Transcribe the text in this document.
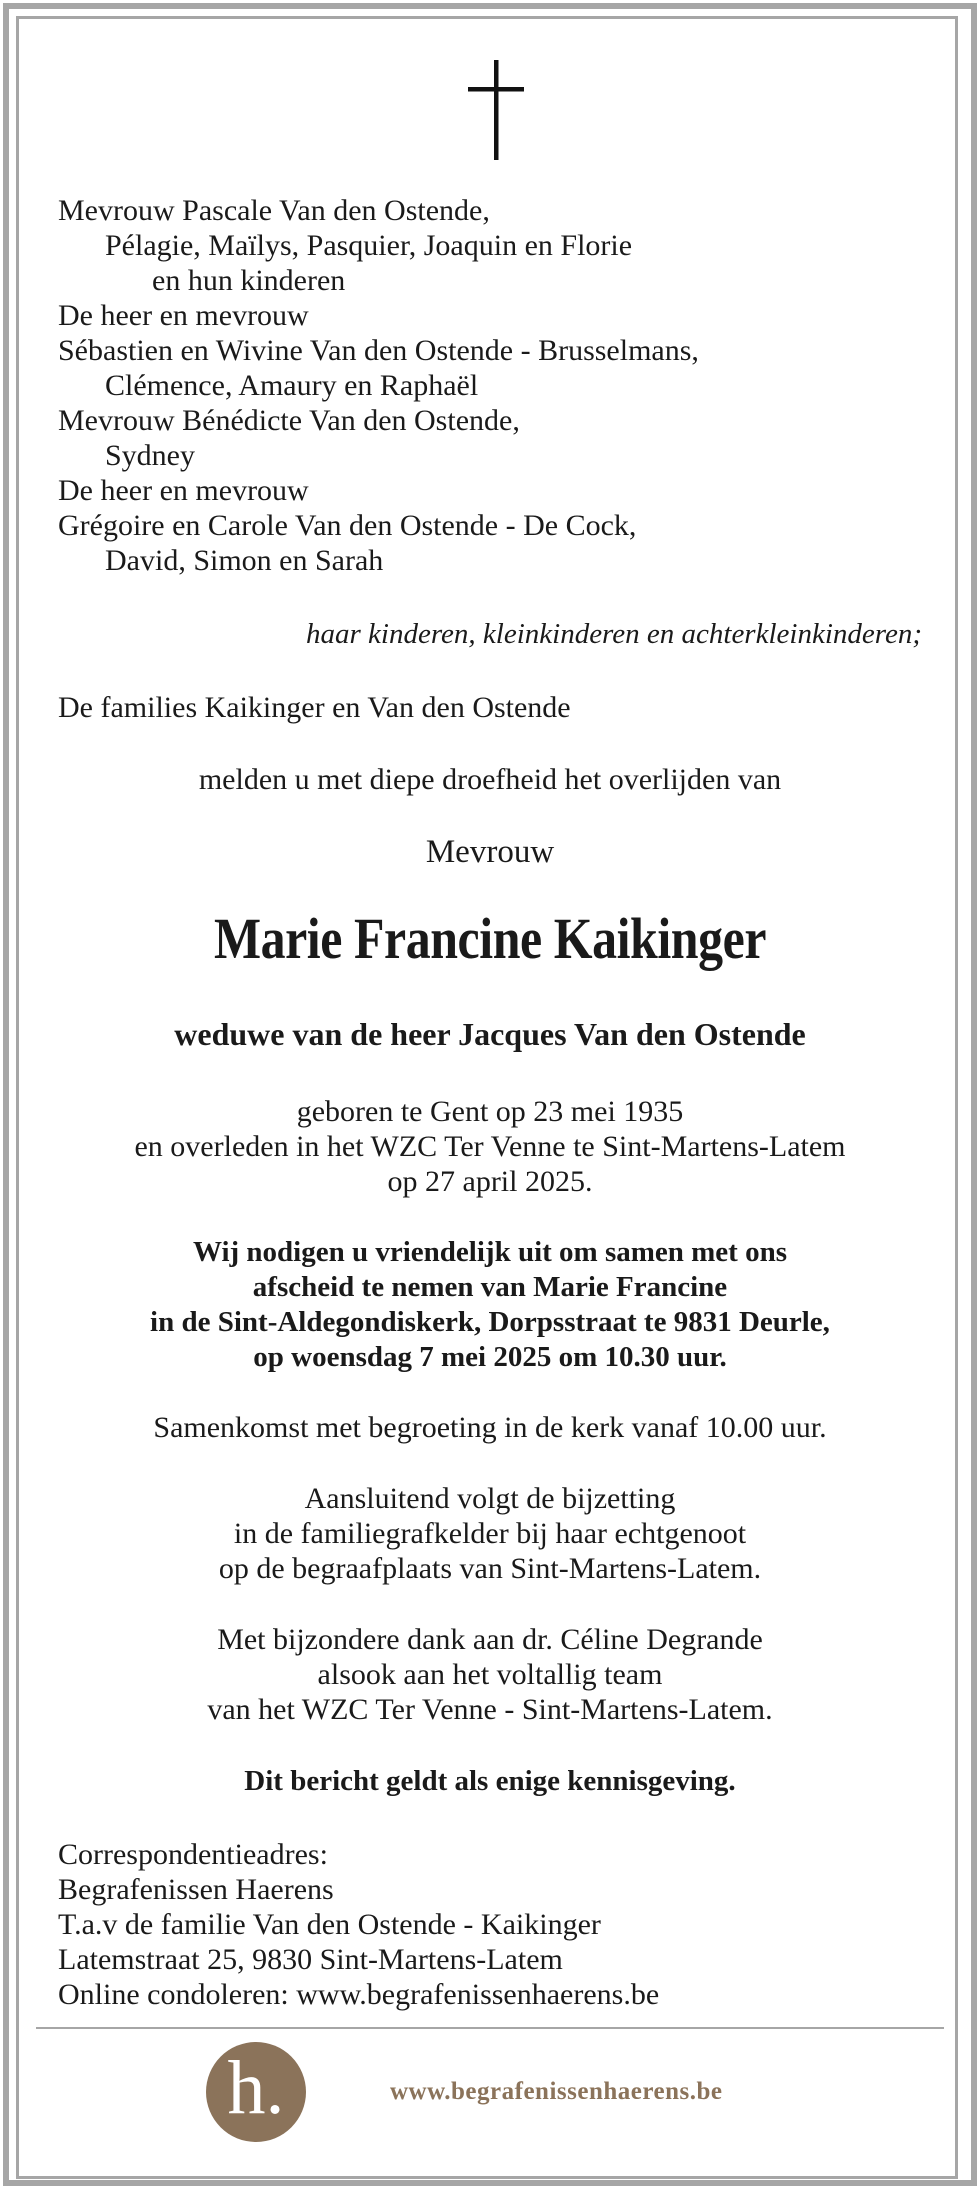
Mevrouw Pascale Van den Ostende,

Pélagie, Maïlys, Pasquier, Joaquin en Florie

en hun kinderen

De heer en mevrouw

Sébastien en Wivine Van den Ostende - Brusselmans,

Clémence, Amaury en Raphaël

Mevrouw Bénédicte Van den Ostende,

Sydney

De heer en mevrouw

Grégoire en Carole Van den Ostende - De Cock,

David, Simon en Sarah

haar kinderen, kleinkinderen en achterkleinkinderen;

De families Kaikinger en Van den Ostende

melden u met diepe droefheid het overlijden van

Mevrouw

Marie Francine Kaikinger

weduwe van de heer Jacques Van den Ostende

geboren te Gent op 23 mei 1935

en overleden in het WZC Ter Venne te Sint-Martens-Latem

op 27 april 2025.

Wij nodigen u vriendelijk uit om samen met ons

afscheid te nemen van Marie Francine

in de Sint-Aldegondiskerk, Dorpsstraat te 9831 Deurle,

op woensdag 7 mei 2025 om 10.30 uur.

Samenkomst met begroeting in de kerk vanaf 10.00 uur.

Aansluitend volgt de bijzetting

in de familiegrafkelder bij haar echtgenoot

op de begraafplaats van Sint-Martens-Latem.

Met bijzondere dank aan dr. Céline Degrande

alsook aan het voltallig team

van het WZC Ter Venne - Sint-Martens-Latem.

Dit bericht geldt als enige kennisgeving.

Correspondentieadres:

Begrafenissen Haerens

T.a.v de familie Van den Ostende - Kaikinger

Latemstraat 25, 9830 Sint-Martens-Latem

Online condoleren: www.begrafenissenhaerens.be

h.	www.begrafenissenhaerens.be
